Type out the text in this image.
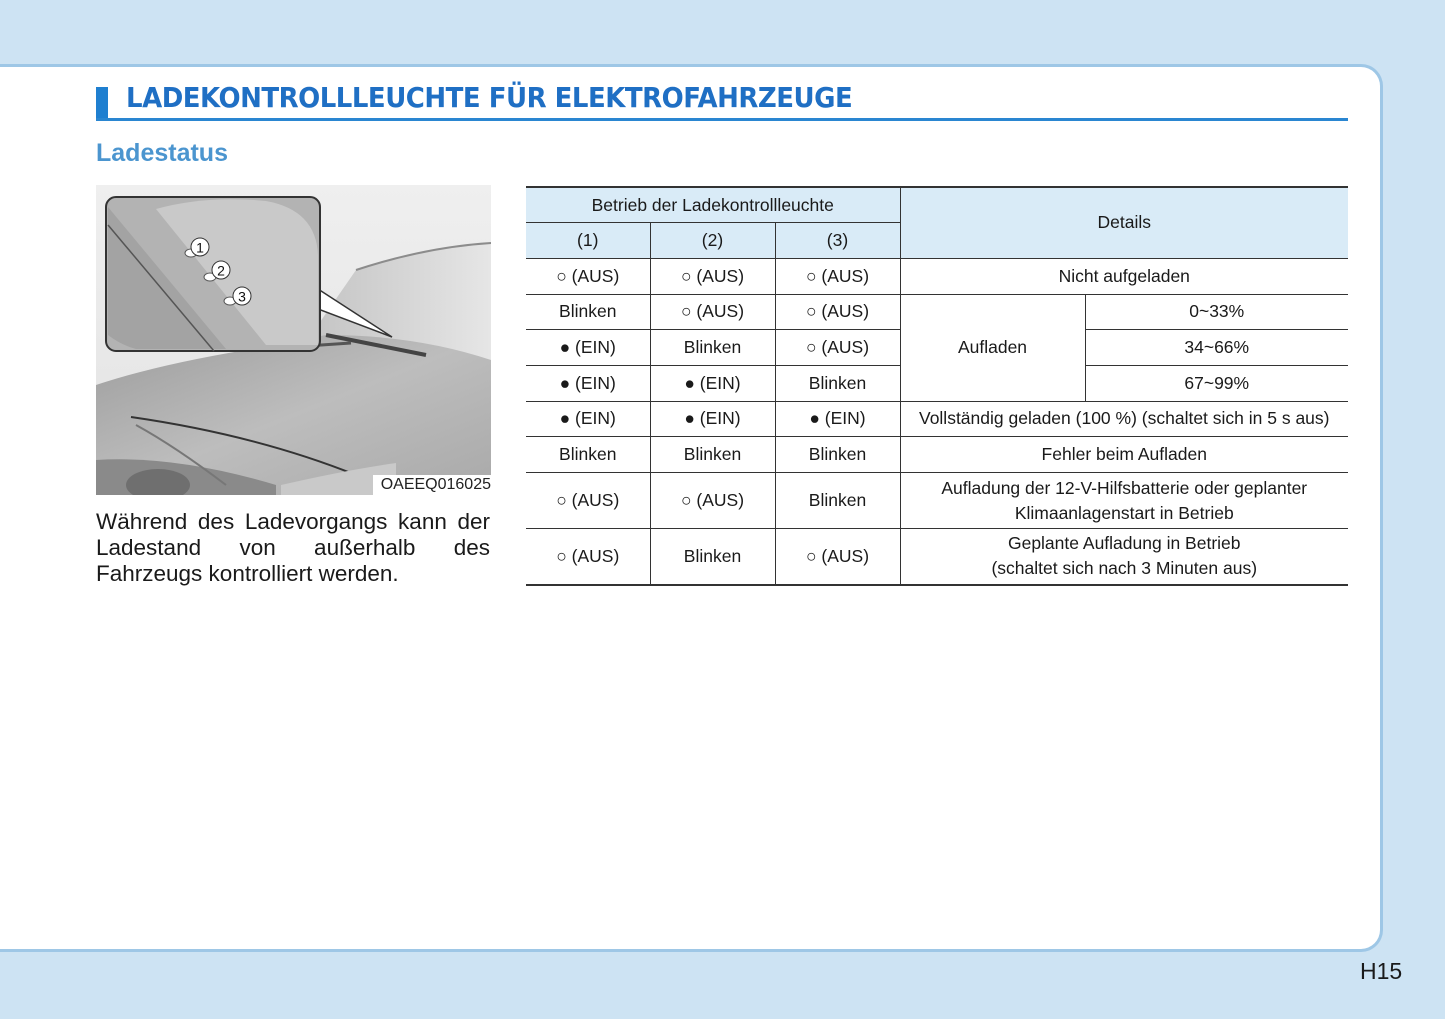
LADEKONTROLLLEUCHTE FÜR ELEKTROFAHRZEUGE
Ladestatus
1
2
3
OAEEQ016025
Während des Ladevorgangs kann der Ladestand von außerhalb des Fahrzeugs kontrolliert werden.
Betrieb der Ladekontrollleuchte			Details	
(1)	(2)	(3)		
○ (AUS)	○ (AUS)	○ (AUS)	Nicht aufgeladen	
Blinken	○ (AUS)	○ (AUS)	Aufladen	0~33%
● (EIN)	Blinken	○ (AUS)		34~66%
● (EIN)	● (EIN)	Blinken		67~99%
● (EIN)	● (EIN)	● (EIN)	Vollständig geladen (100 %) (schaltet sich in 5 s aus)	
Blinken	Blinken	Blinken	Fehler beim Aufladen	
○ (AUS)	○ (AUS)	Blinken	Aufladung der 12-V-Hilfsbatterie oder geplanter
Klimaanlagenstart in Betrieb	

○ (AUS)	Blinken	○ (AUS)	Geplante Aufladung in Betrieb
(schaltet sich nach 3 Minuten aus)	
H15
